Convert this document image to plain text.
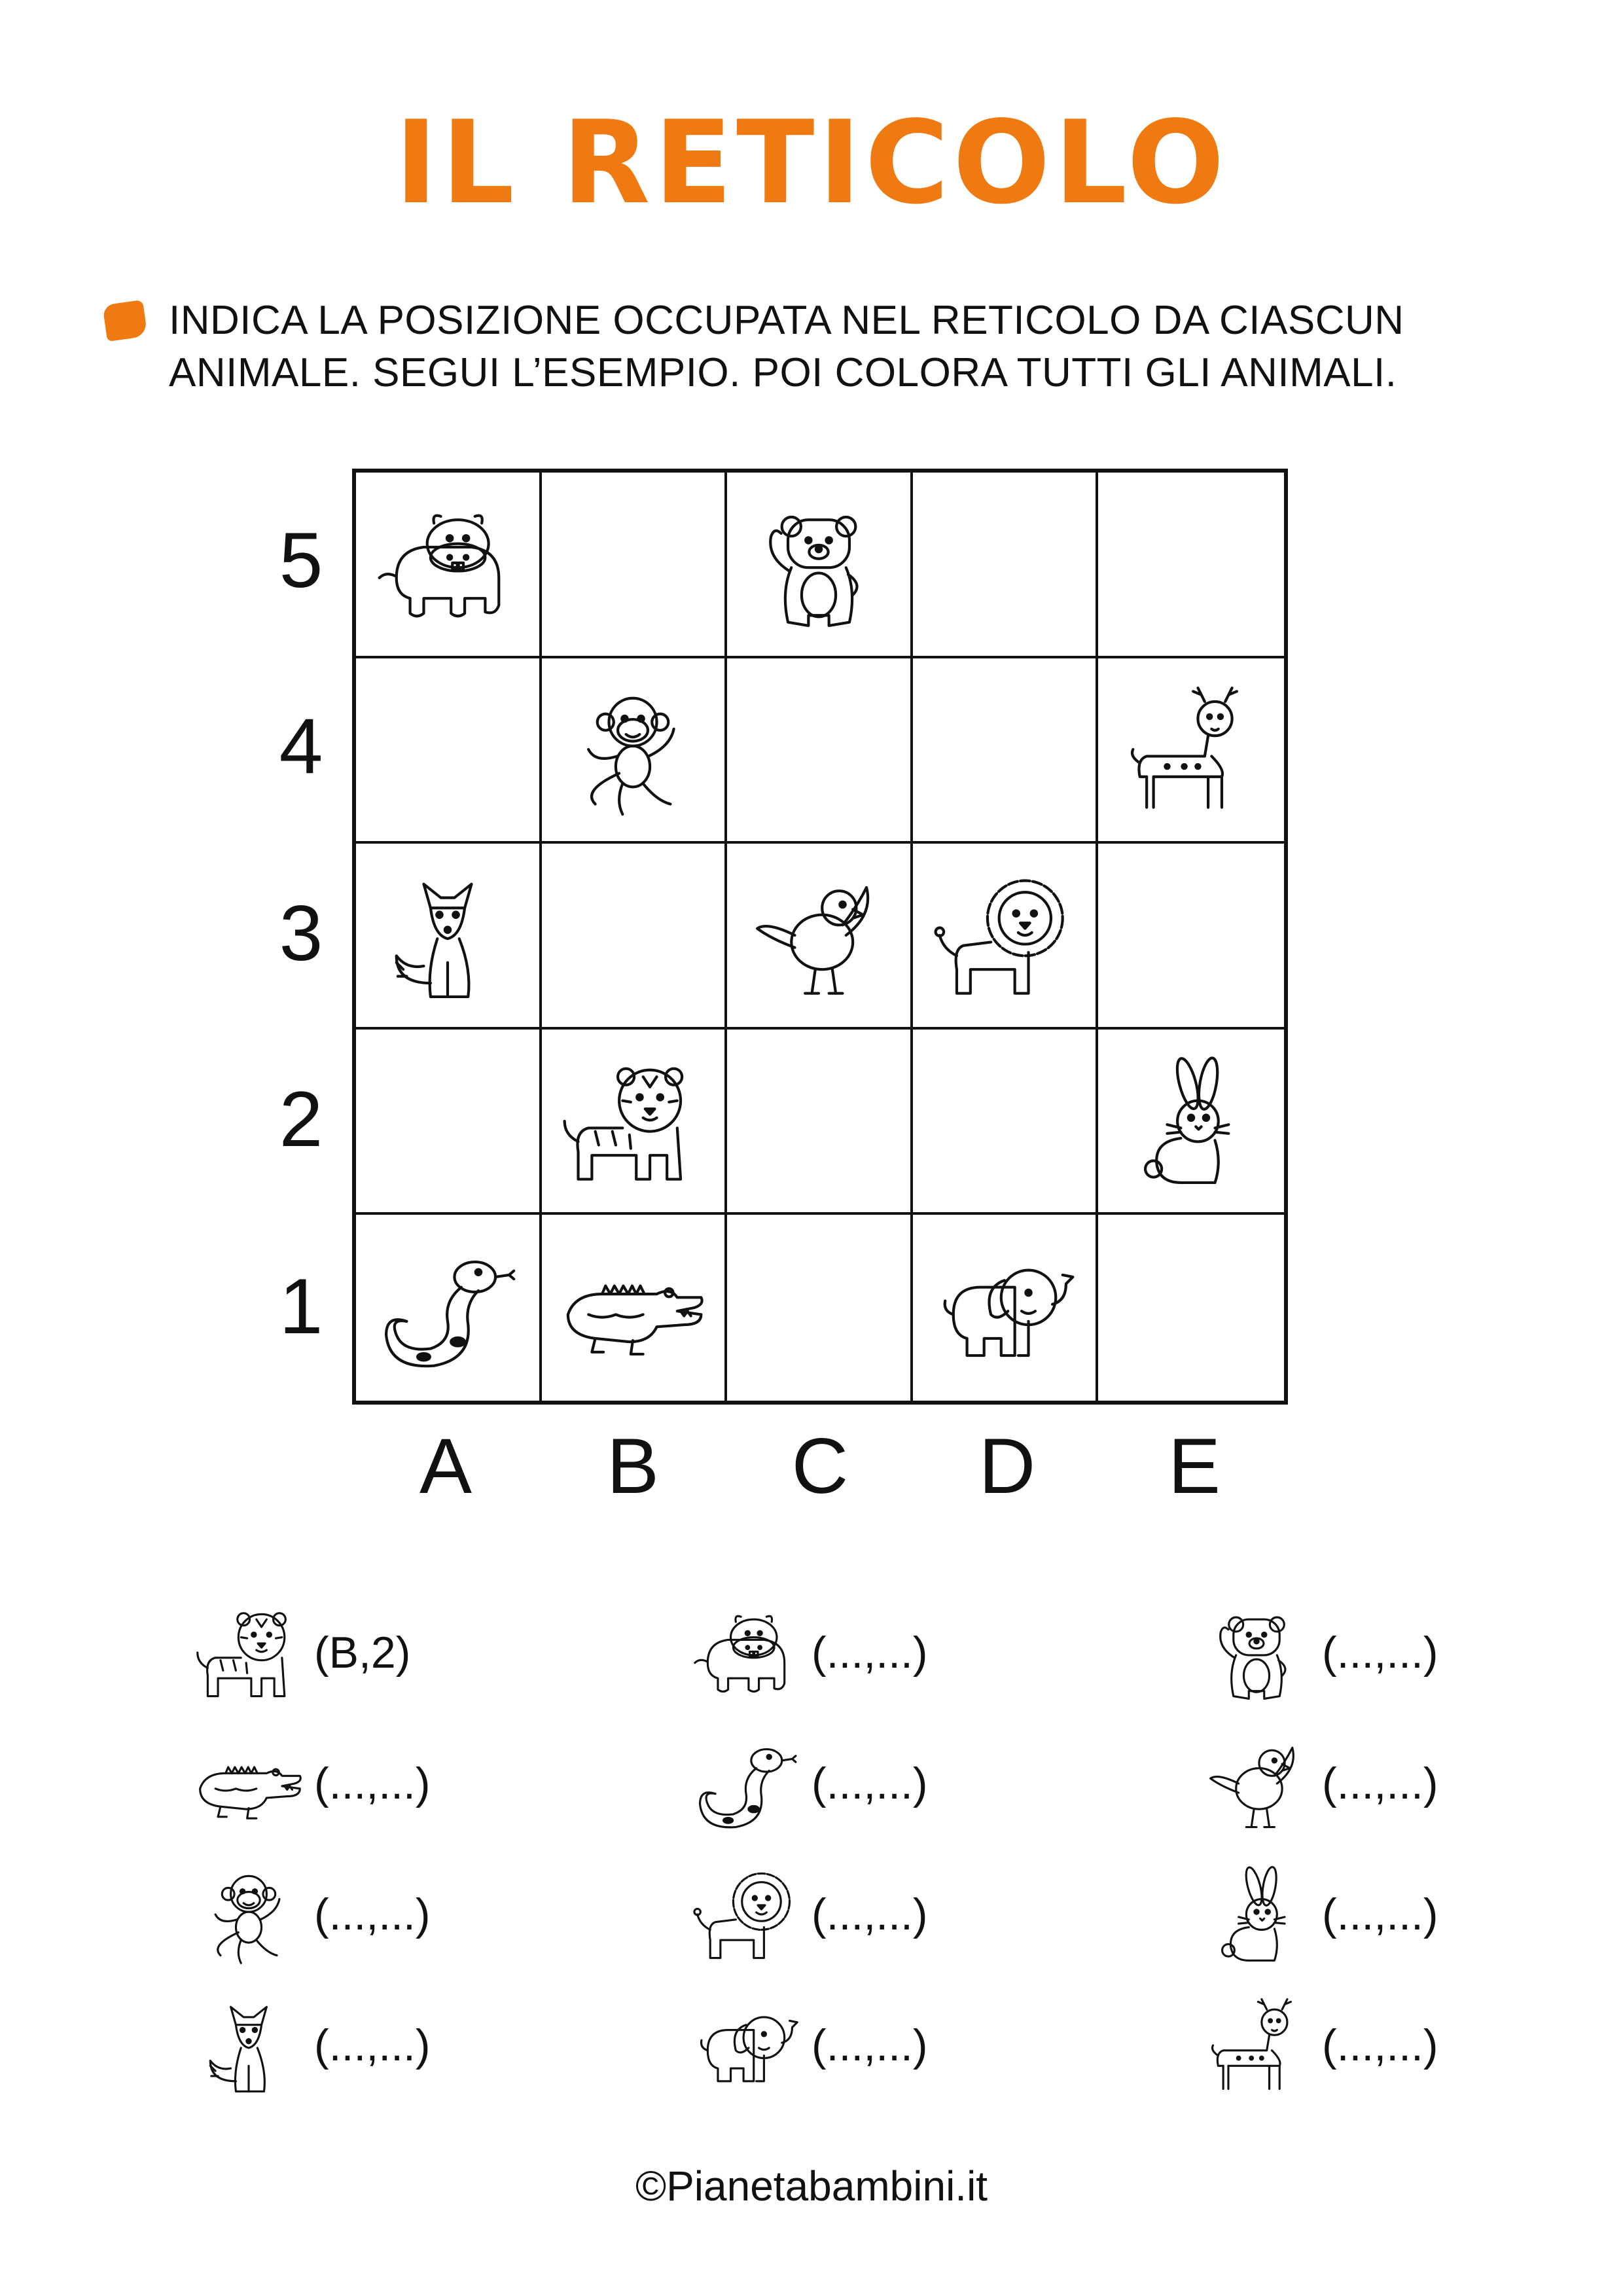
IL RETICOLO
INDICA LA POSIZIONE OCCUPATA NEL RETICOLO DA CIASCUN
ANIMALE. SEGUI L’ESEMPIO. POI COLORA TUTTI GLI ANIMALI.
5
4
3
2
1
A	B	C	D	E
(B,2)	(...,...)	(...,...)
(...,...)	(...,...)	(...,...)
(...,...)	(...,...)	(...,...)
(...,...)	(...,...)	(...,...)
©Pianetabambini.it
